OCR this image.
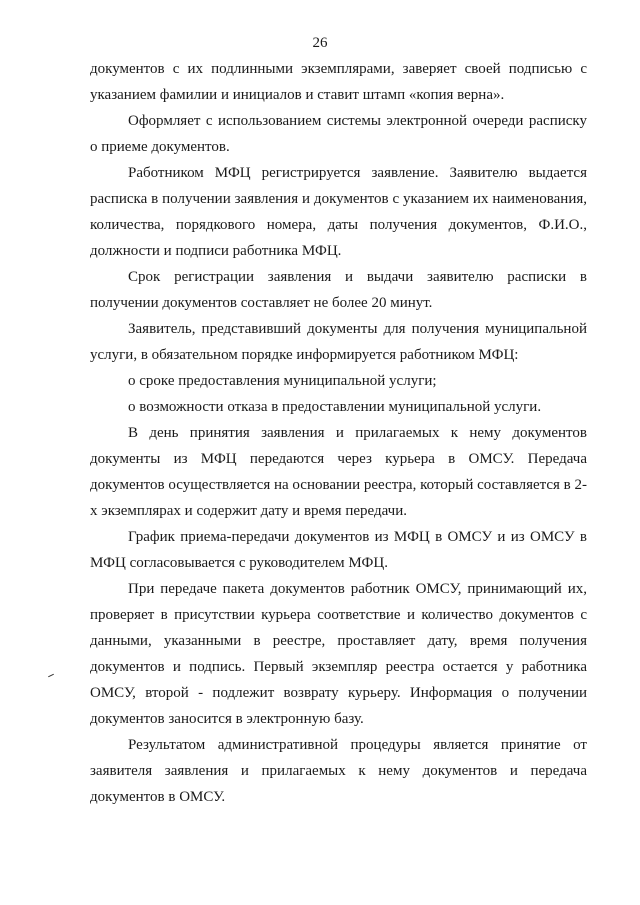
26

документов с их подлинными экземплярами, заверяет своей подписью с указанием фамилии и инициалов и ставит штамп «копия верна».

Оформляет с использованием системы электронной очереди расписку о приеме документов.

Работником МФЦ регистрируется заявление. Заявителю выдается расписка в получении заявления и документов с указанием их наименования, количества, порядкового номера, даты получения документов, Ф.И.О., должности и подписи работника МФЦ.

Срок регистрации заявления и выдачи заявителю расписки в получении документов составляет не более 20 минут.

Заявитель, представивший документы для получения муниципальной услуги, в обязательном порядке информируется работником МФЦ:

о сроке предоставления муниципальной услуги;

о возможности отказа в предоставлении муниципальной услуги.

В день принятия заявления и прилагаемых к нему документов документы из МФЦ передаются через курьера в ОМСУ. Передача документов осуществляется на основании реестра, который составляется в 2-х экземплярах и содержит дату и время передачи.

График приема-передачи документов из МФЦ в ОМСУ и из ОМСУ в МФЦ согласовывается с руководителем МФЦ.

При передаче пакета документов работник ОМСУ, принимающий их, проверяет в присутствии курьера соответствие и количество документов с данными, указанными в реестре, проставляет дату, время получения документов и подпись. Первый экземпляр реестра остается у работника ОМСУ, второй - подлежит возврату курьеру. Информация о получении документов заносится в электронную базу.

Результатом административной процедуры является принятие от заявителя заявления и прилагаемых к нему документов и передача документов в ОМСУ.
